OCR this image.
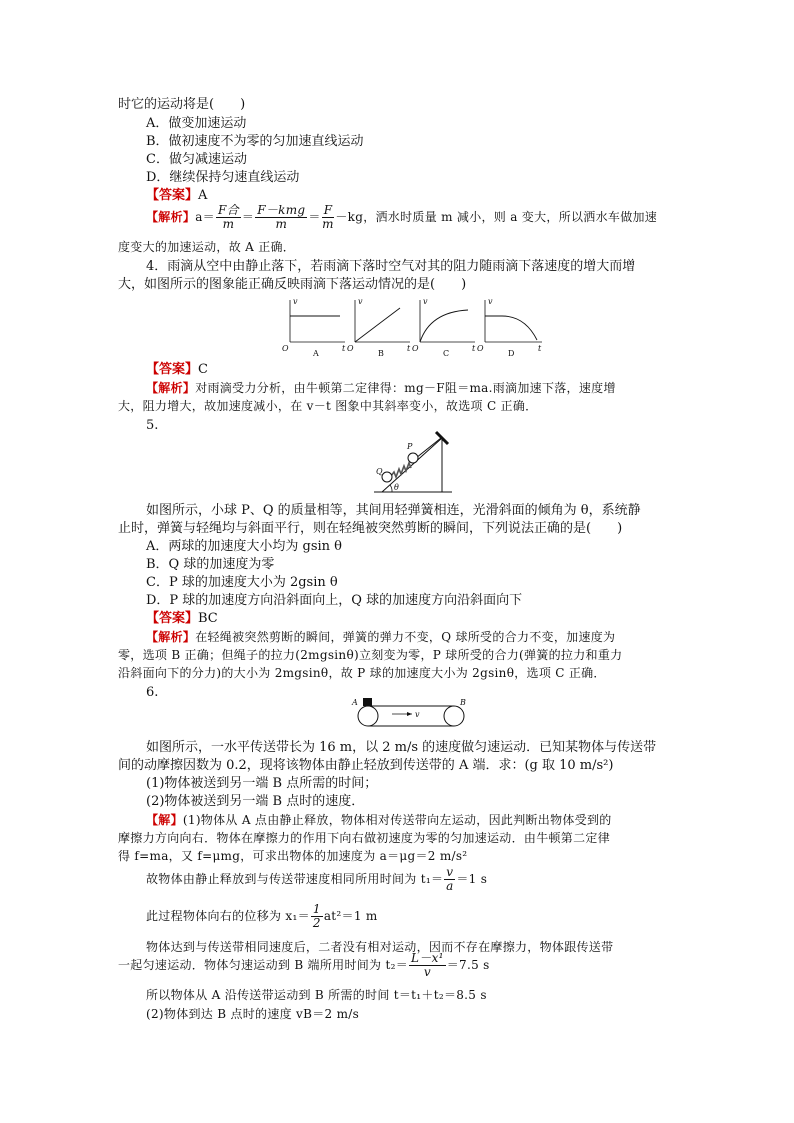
时它的运动将是(　　)
A．做变加速运动
B．做初速度不为零的匀加速直线运动
C．做匀减速运动
D．继续保持匀速直线运动
【答案】A
【解析】$a= \frac{\text{F合}}{m} = \frac{\text{F－kmg}}{m} = \frac{F}{m} -kg$，洒水时质量 m 减小，则 a 变大，所以洒水车做加速
度变大的加速运动，故 A 正确．
4．雨滴从空中由静止落下，若雨滴下落时空气对其的阻力随雨滴下落速度的增大而增
大，如图所示的图象能正确反映雨滴下落运动情况的是(　　)
v
t
O
A
v
t
O
B
v
t
O
C
v
t
O
D
【答案】C
【解析】对雨滴受力分析，由牛顿第二定律得：mg－F阻＝ma.雨滴加速下落，速度增
大，阻力增大，故加速度减小，在 v－t 图象中其斜率变小，故选项 C 正确．
5.
P
Q
θ
如图所示，小球 P、Q 的质量相等，其间用轻弹簧相连，光滑斜面的倾角为 θ，系统静
止时，弹簧与轻绳均与斜面平行，则在轻绳被突然剪断的瞬间，下列说法正确的是(　　)
A．两球的加速度大小均为 gsin θ
B．Q 球的加速度为零
C．P 球的加速度大小为 2gsin θ
D．P 球的加速度方向沿斜面向上，Q 球的加速度方向沿斜面向下
【答案】BC
【解析】在轻绳被突然剪断的瞬间，弹簧的弹力不变，Q 球所受的合力不变，加速度为
零，选项 B 正确；但绳子的拉力(2mgsinθ)立刻变为零，P 球所受的合力(弹簧的拉力和重力
沿斜面向下的分力)的大小为 2mgsinθ，故 P 球的加速度大小为 2gsinθ，选项 C 正确．
6.
A	B
v
如图所示，一水平传送带长为 16 m，以 2 m/s 的速度做匀速运动．已知某物体与传送带
间的动摩擦因数为 0.2，现将该物体由静止轻放到传送带的 A 端．求：(g 取 10 m/s²)
(1)物体被送到另一端 B 点所需的时间；
(2)物体被送到另一端 B 点时的速度．
【解】(1)物体从 A 点由静止释放，物体相对传送带向左运动，因此判断出物体受到的
摩擦力方向向右．物体在摩擦力的作用下向右做初速度为零的匀加速运动．由牛顿第二定律
得 f=ma，又 f=μmg，可求出物体的加速度为 a＝μg＝2 m/s²
故物体由静止释放到与传送带速度相同所用时间为 $t_1= \frac{v}{a} =1$ s
此过程物体向右的位移为 $x_1= \frac{1}{2} at^2=1$ m
物体达到与传送带相同速度后，二者没有相对运动，因而不存在摩擦力，物体跟传送带
一起匀速运动．物体匀速运动到 B 端所用时间为 $t_2= \frac{\text{L－x¹}}{v} =7.5$ s
所以物体从 A 沿传送带运动到 B 所需的时间 t＝t₁＋t₂＝8.5 s
(2)物体到达 B 点时的速度 vB＝2 m/s
